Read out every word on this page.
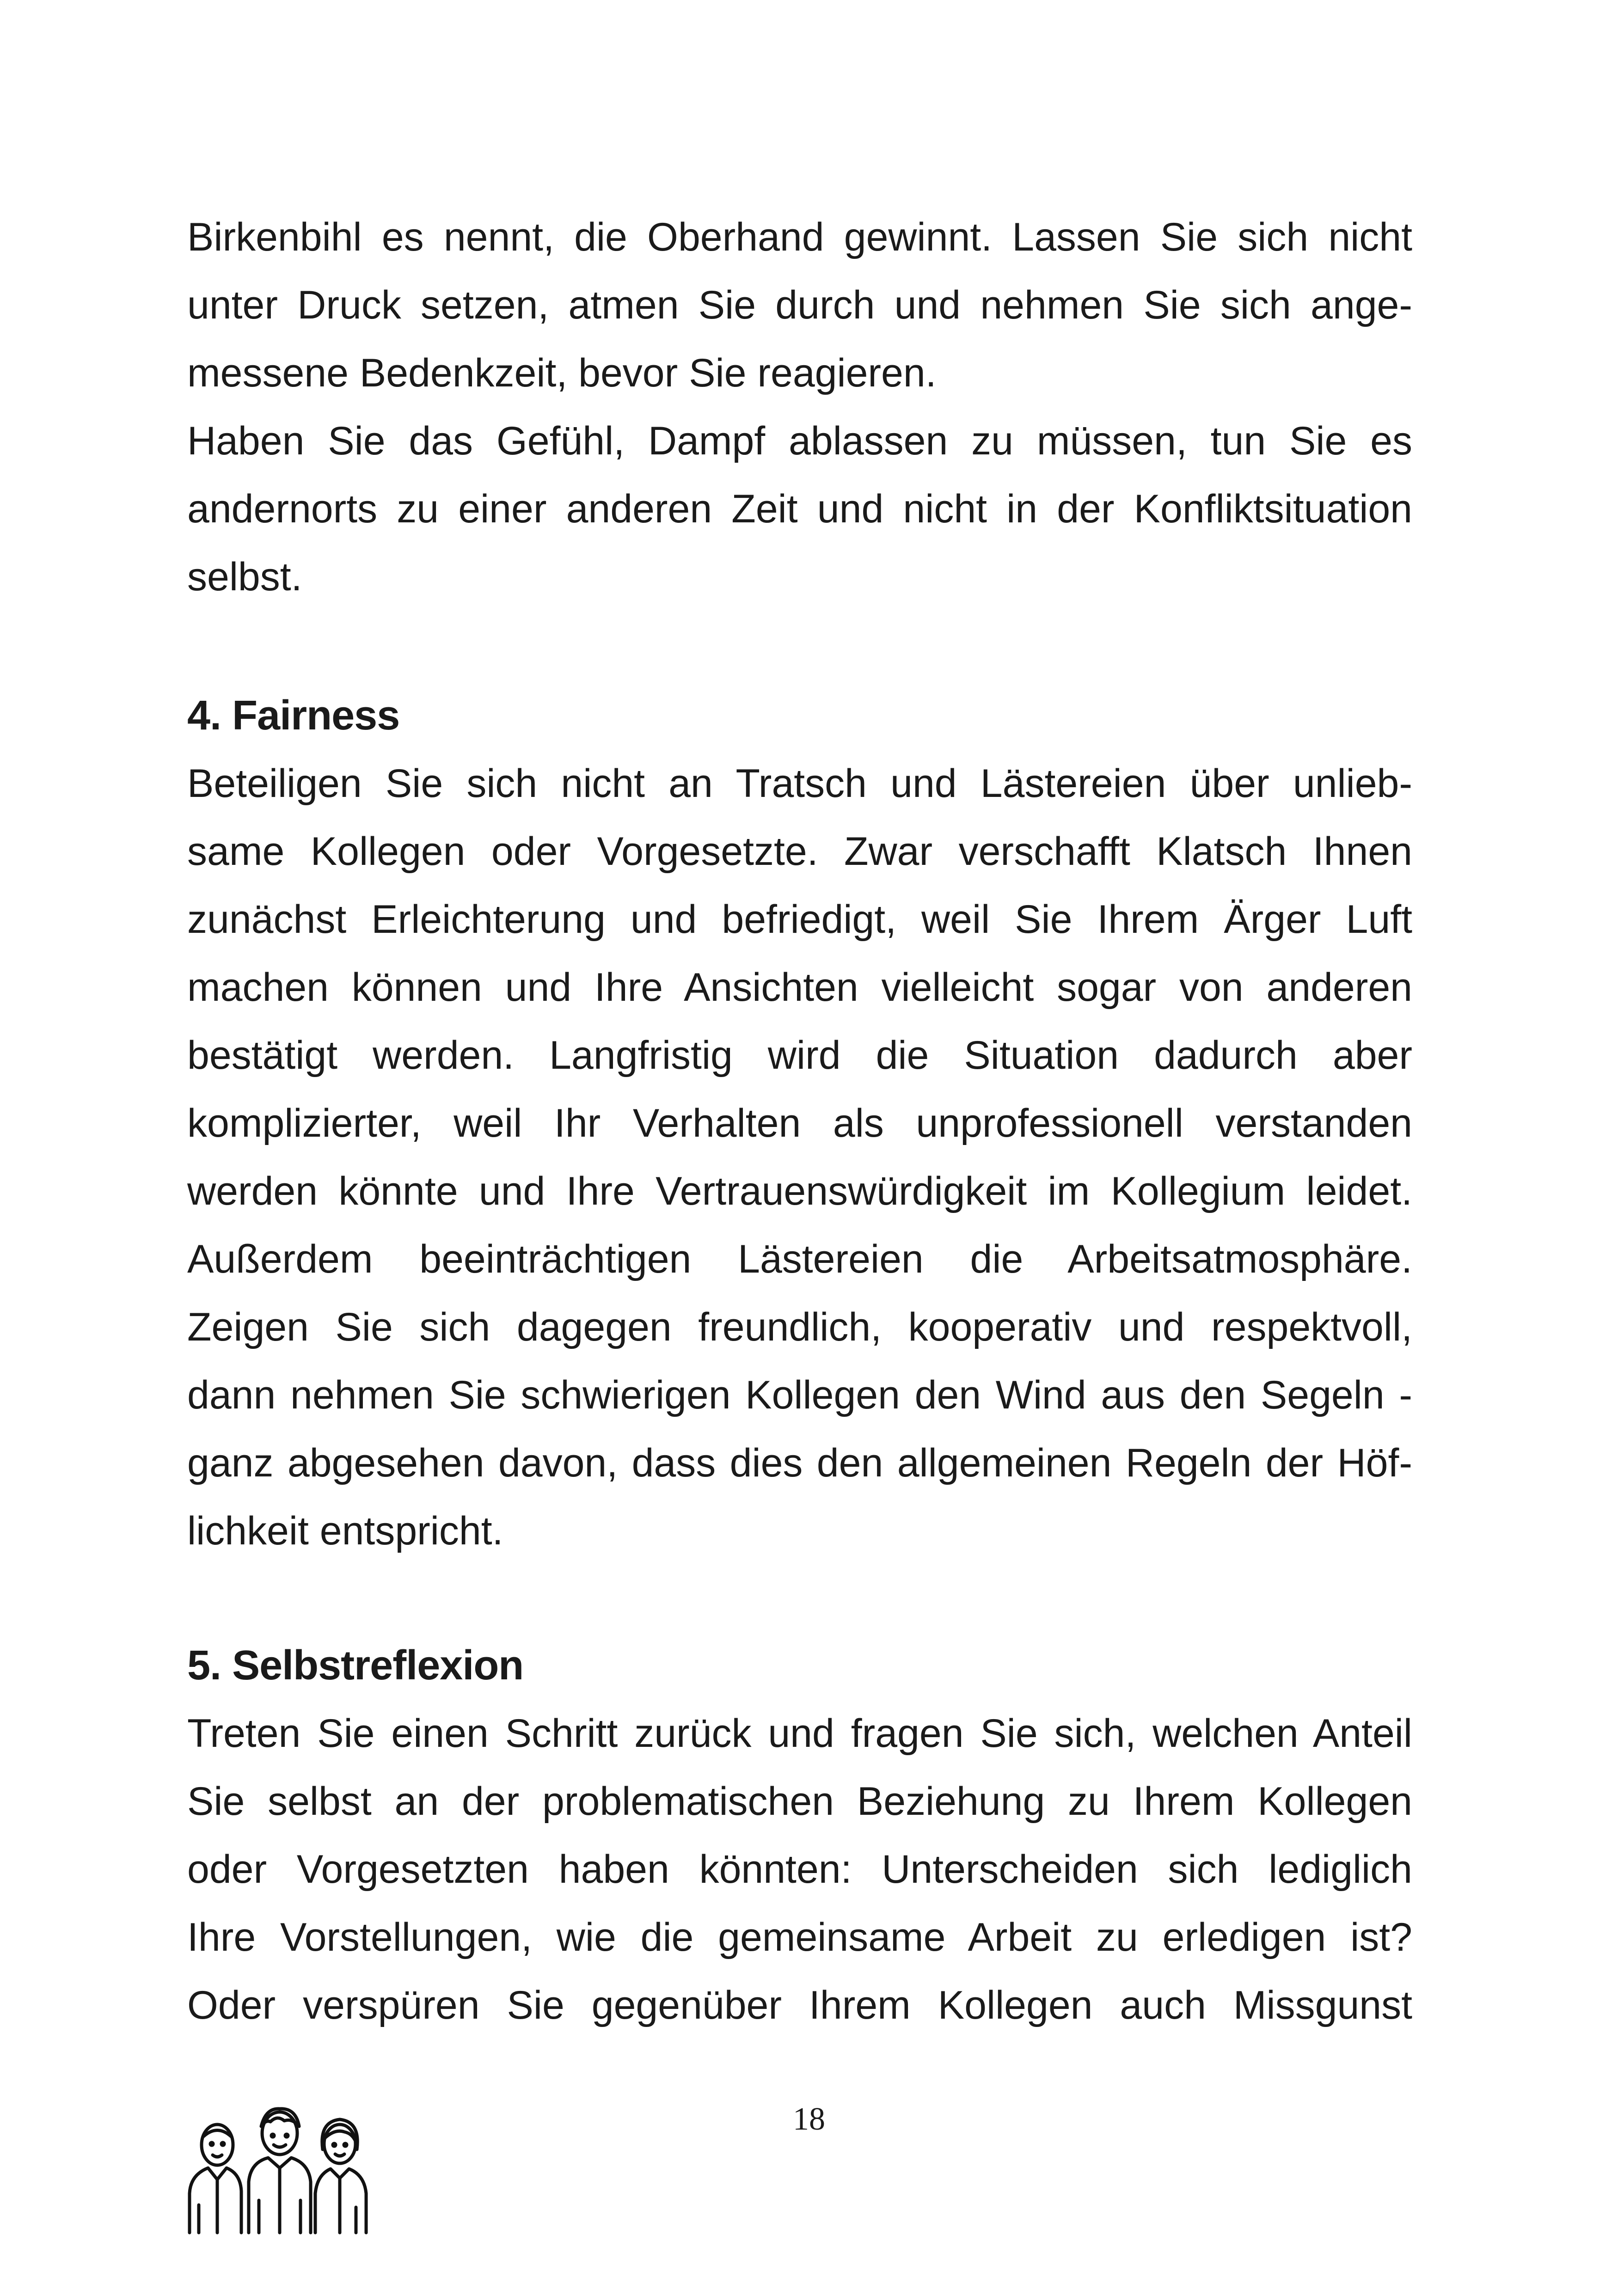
Birkenbihl es nennt, die Oberhand gewinnt. Lassen Sie sich nicht
unter Druck setzen, atmen Sie durch und nehmen Sie sich ange-
messene Bedenkzeit, bevor Sie reagieren.
Haben Sie das Gefühl, Dampf ablassen zu müssen, tun Sie es
andernorts zu einer anderen Zeit und nicht in der Konfliktsituation
selbst.
4. Fairness
Beteiligen Sie sich nicht an Tratsch und Lästereien über unlieb-
same Kollegen oder Vorgesetzte. Zwar verschafft Klatsch Ihnen
zunächst Erleichterung und befriedigt, weil Sie Ihrem Ärger Luft
machen können und Ihre Ansichten vielleicht sogar von anderen
bestätigt werden. Langfristig wird die Situation dadurch aber
komplizierter, weil Ihr Verhalten als unprofessionell verstanden
werden könnte und Ihre Vertrauenswürdigkeit im Kollegium leidet.
Außerdem beeinträchtigen Lästereien die Arbeitsatmosphäre.
Zeigen Sie sich dagegen freundlich, kooperativ und respektvoll,
dann nehmen Sie schwierigen Kollegen den Wind aus den Segeln -
ganz abgesehen davon, dass dies den allgemeinen Regeln der Höf-
lichkeit entspricht.
5. Selbstreflexion
Treten Sie einen Schritt zurück und fragen Sie sich, welchen Anteil
Sie selbst an der problematischen Beziehung zu Ihrem Kollegen
oder Vorgesetzten haben könnten: Unterscheiden sich lediglich
Ihre Vorstellungen, wie die gemeinsame Arbeit zu erledigen ist?
Oder verspüren Sie gegenüber Ihrem Kollegen auch Missgunst
18
